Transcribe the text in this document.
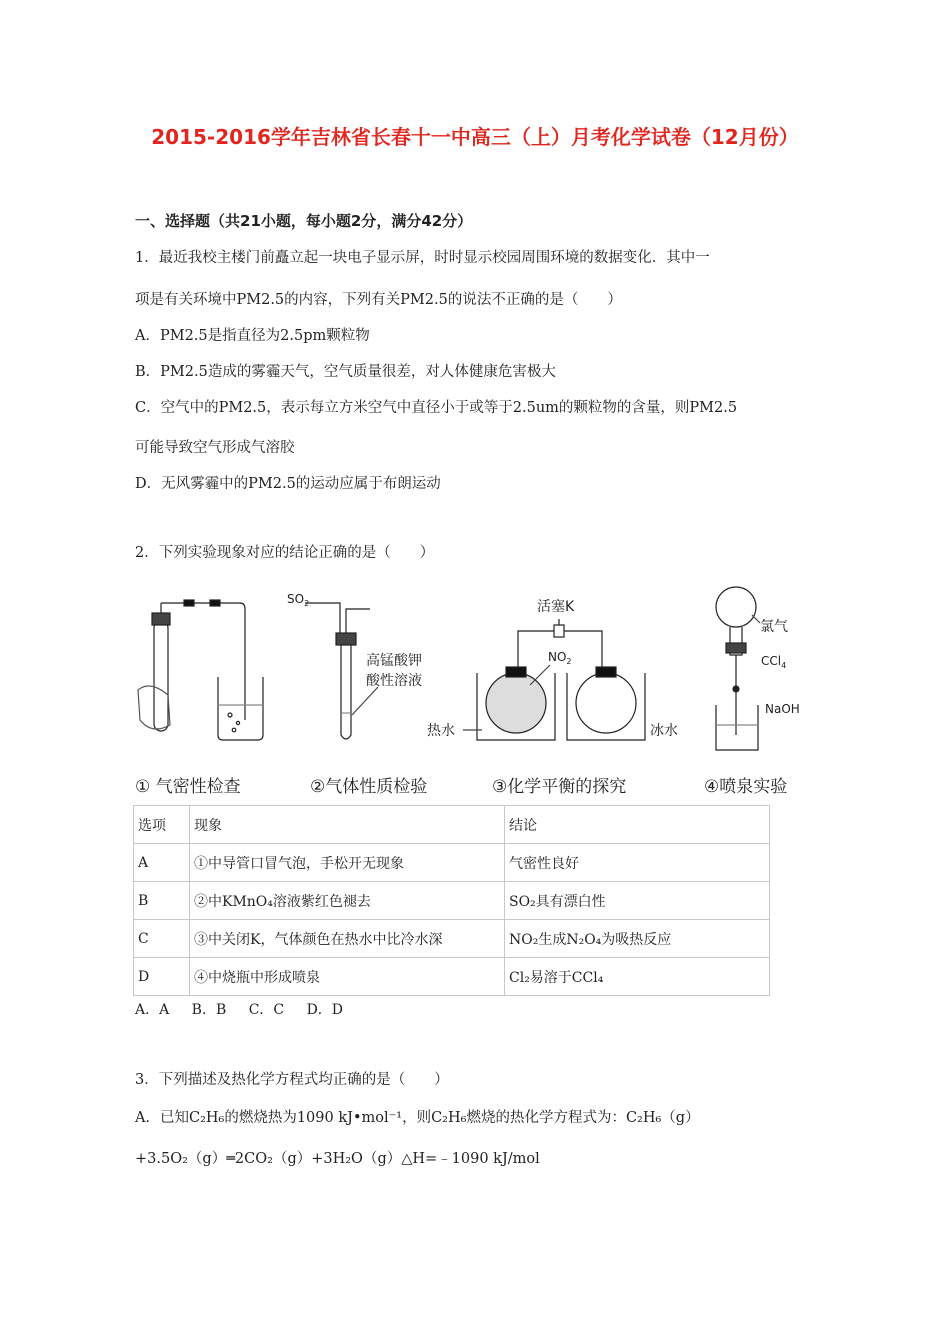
2015-2016学年吉林省长春十一中高三（上）月考化学试卷（12月份）
一、选择题（共21小题，每小题2分，满分42分）
1．最近我校主楼门前矗立起一块电子显示屏，时时显示校园周围环境的数据变化．其中一
项是有关环境中PM2.5的内容，下列有关PM2.5的说法不正确的是（　　）
A．PM2.5是指直径为2.5pm颗粒物
B．PM2.5造成的雾霾天气，空气质量很差，对人体健康危害极大
C．空气中的PM2.5，表示每立方米空气中直径小于或等于2.5um的颗粒物的含量，则PM2.5
可能导致空气形成气溶胶
D．无风雾霾中的PM2.5的运动应属于布朗运动
2．下列实验现象对应的结论正确的是（　　）
$SO_2$
高锰酸钾
酸性溶液
活塞K
$NO_2$
热水	冰水
氯气
CCl$_4$
NaOH
① 气密性检查	②气体性质检验	③化学平衡的探究	④喷泉实验
选项	现象	结论
A	①中导管口冒气泡，手松开无现象	气密性良好
B	②中KMnO₄溶液紫红色褪去	SO₂具有漂白性
C	③中关闭K，气体颜色在热水中比冷水深	NO₂生成N₂O₄为吸热反应
D	④中烧瓶中形成喷泉	Cl₂易溶于CCl₄
A．A　 B．B　 C．C　 D．D
3．下列描述及热化学方程式均正确的是（　　）
A．已知C₂H₆的燃烧热为1090 kJ•mol⁻¹，则C₂H₆燃烧的热化学方程式为：C₂H₆（g）
+3.5O₂（g）═2CO₂（g）+3H₂O（g）△H=﹣1090 kJ/mol
